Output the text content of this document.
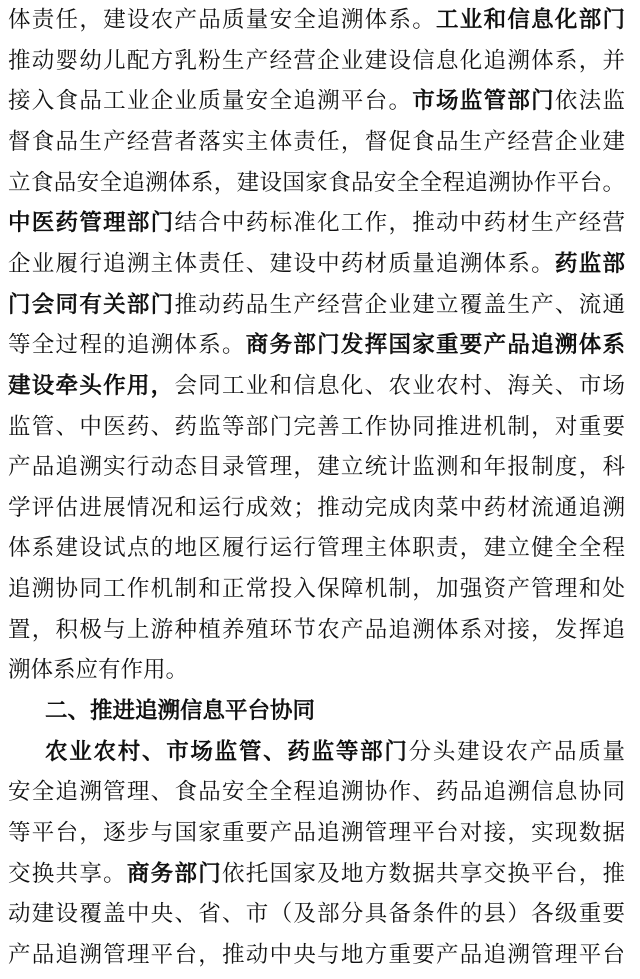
体责任，建设农产品质量安全追溯体系。工业和信息化部门
推动婴幼儿配方乳粉生产经营企业建设信息化追溯体系，并
接入食品工业企业质量安全追溯平台。市场监管部门依法监
督食品生产经营者落实主体责任，督促食品生产经营企业建
立食品安全追溯体系，建设国家食品安全全程追溯协作平台。
中医药管理部门结合中药标准化工作，推动中药材生产经营
企业履行追溯主体责任、建设中药材质量追溯体系。药监部
门会同有关部门推动药品生产经营企业建立覆盖生产、流通
等全过程的追溯体系。商务部门发挥国家重要产品追溯体系
建设牵头作用，会同工业和信息化、农业农村、海关、市场
监管、中医药、药监等部门完善工作协同推进机制，对重要
产品追溯实行动态目录管理，建立统计监测和年报制度，科
学评估进展情况和运行成效；推动完成肉菜中药材流通追溯
体系建设试点的地区履行运行管理主体职责，建立健全全程
追溯协同工作机制和正常投入保障机制，加强资产管理和处
置，积极与上游种植养殖环节农产品追溯体系对接，发挥追
溯体系应有作用。
二、推进追溯信息平台协同
农业农村、市场监管、药监等部门分头建设农产品质量
安全追溯管理、食品安全全程追溯协作、药品追溯信息协同
等平台，逐步与国家重要产品追溯管理平台对接，实现数据
交换共享。商务部门依托国家及地方数据共享交换平台，推
动建设覆盖中央、省、市（及部分具备条件的县）各级重要
产品追溯管理平台，推动中央与地方重要产品追溯管理平台
